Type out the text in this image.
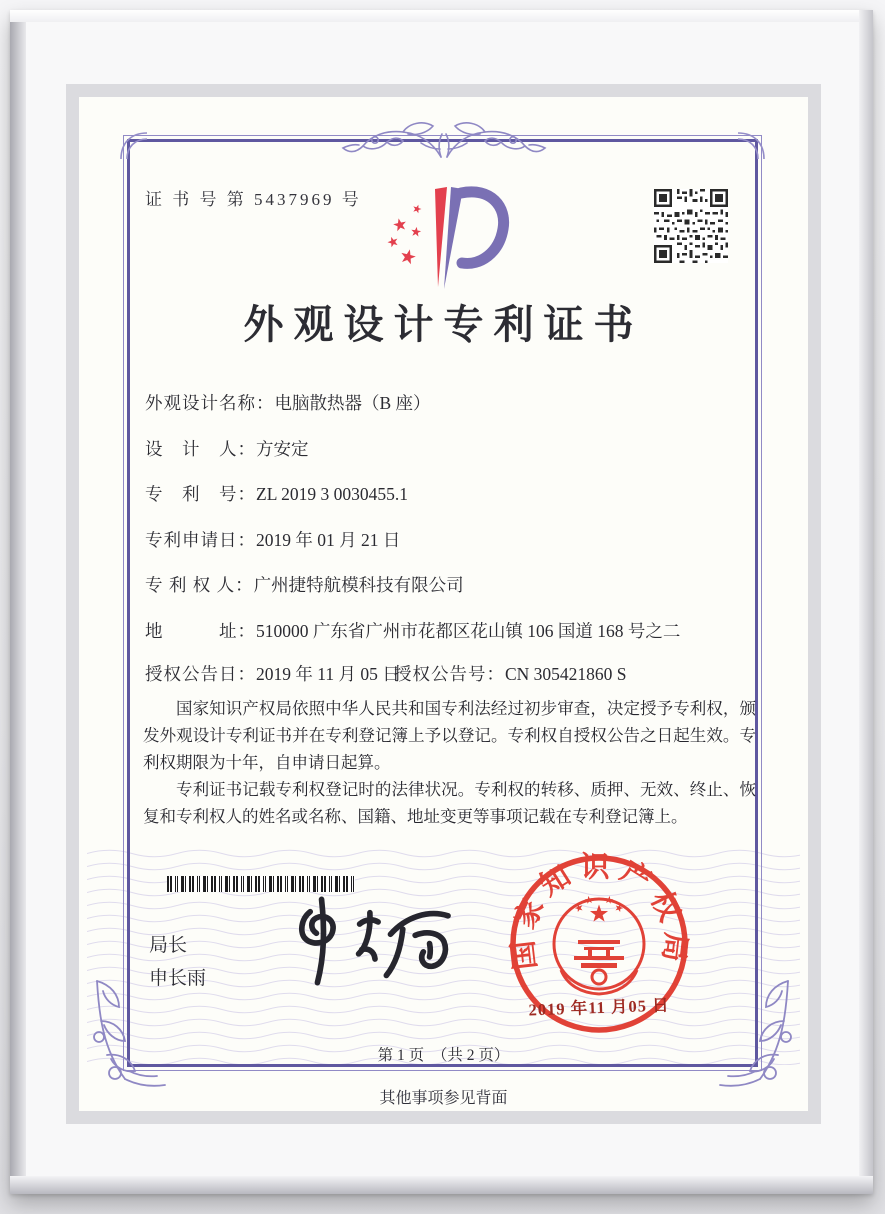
证 书 号 第 5437969 号
外观设计专利证书
外观设计名称：电脑散热器（B 座）
设　计　人：方安定
专　利　号：ZL 2019 3 0030455.1
专利申请日：2019 年 01 月 21 日
专 利 权 人：广州捷特航模科技有限公司
地　　　址：510000 广东省广州市花都区花山镇 106 国道 168 号之二
授权公告日：2019 年 11 月 05 日
授权公告号：CN 305421860 S

国家知识产权局依照中华人民共和国专利法经过初步审查，决定授予专利权，颁发外观设计专利证书并在专利登记簿上予以登记。专利权自授权公告之日起生效。专利权期限为十年，自申请日起算。

专利证书记载专利权登记时的法律状况。专利权的转移、质押、无效、终止、恢复和专利权人的姓名或名称、国籍、地址变更等事项记载在专利登记簿上。

局长
申长雨
国家知识产权局
2019 年11 月05 日
第 1 页　（共 2 页）
其他事项参见背面
